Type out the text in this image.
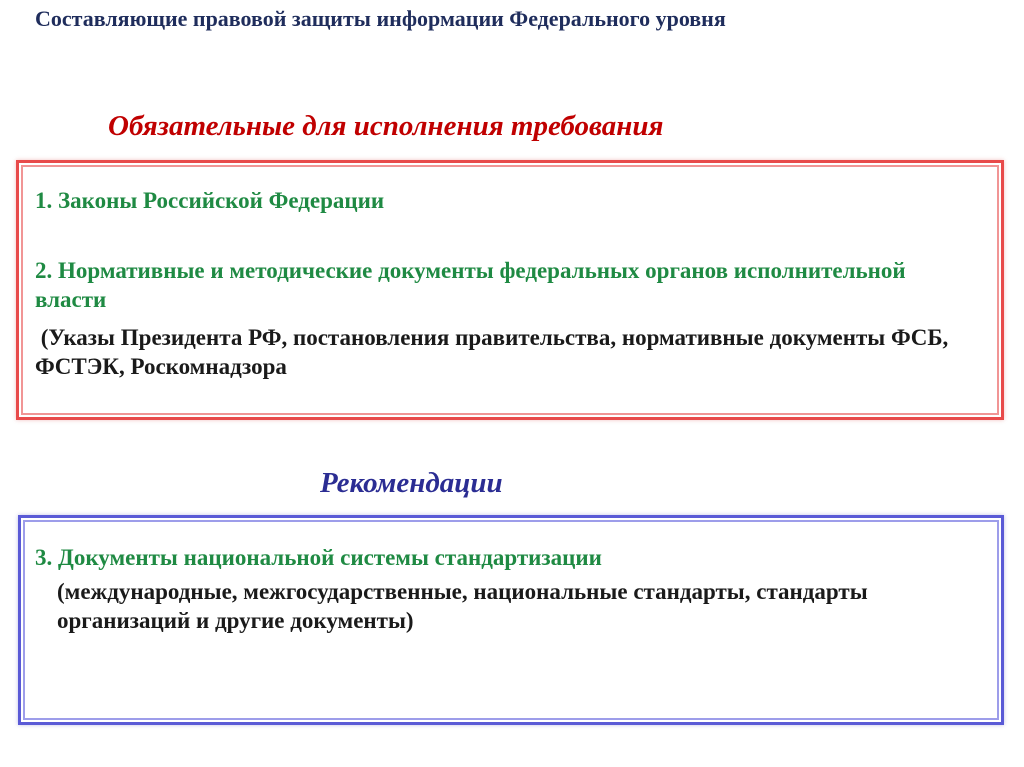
Составляющие правовой защиты информации Федерального уровня
Обязательные для исполнения требования

1. Законы Российской Федерации

2. Нормативные и методические документы федеральных органов исполнительной власти

(Указы Президента РФ, постановления правительства, нормативные документы ФСБ, ФСТЭК, Роскомнадзора

Рекомендации

3. Документы национальной системы стандартизации

(международные, межгосударственные, национальные стандарты, стандарты организаций и другие документы)
